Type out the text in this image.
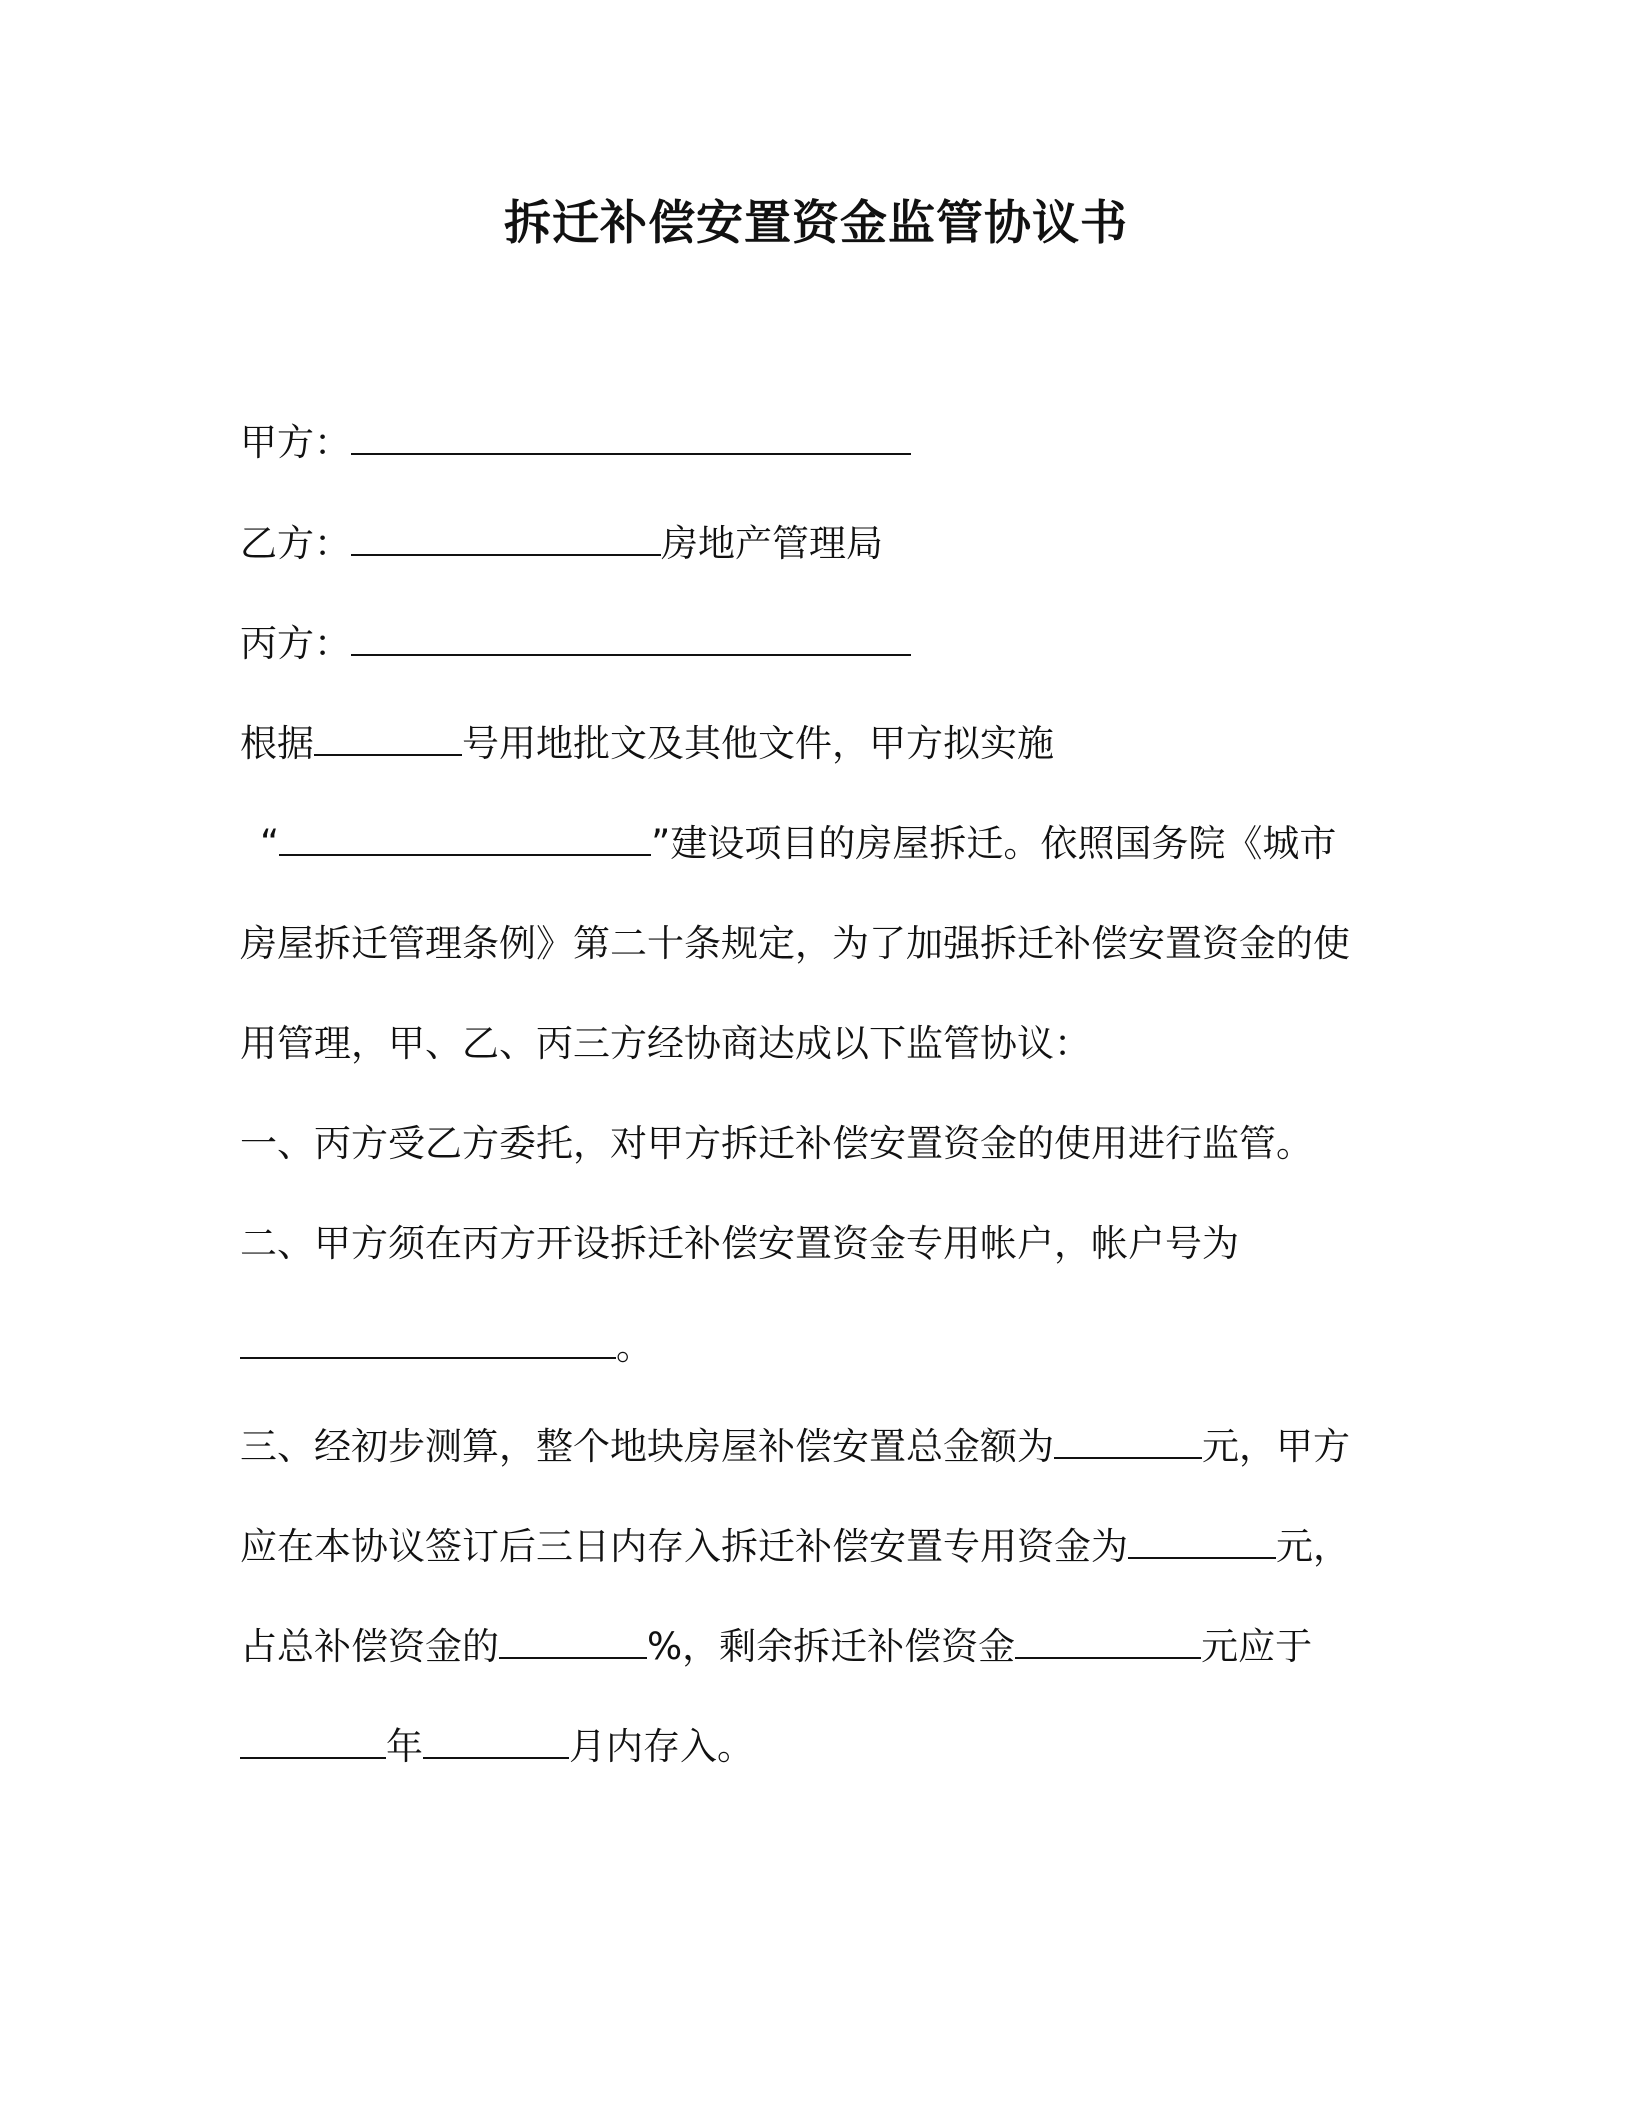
拆迁补偿安置资金监管协议书

甲方：

乙方：	房地产管理局

丙方：

根据	号用地批文及其他文件，甲方拟实施

“	”建设项目的房屋拆迁。依照国务院《城市

房屋拆迁管理条例》第二十条规定，为了加强拆迁补偿安置资金的使

用管理，甲、乙、丙三方经协商达成以下监管协议：

一、丙方受乙方委托，对甲方拆迁补偿安置资金的使用进行监管。

二、甲方须在丙方开设拆迁补偿安置资金专用帐户，帐户号为

。

三、经初步测算，整个地块房屋补偿安置总金额为	元，甲方

应在本协议签订后三日内存入拆迁补偿安置专用资金为	元，

占总补偿资金的	%，剩余拆迁补偿资金	元应于

年	月内存入。
